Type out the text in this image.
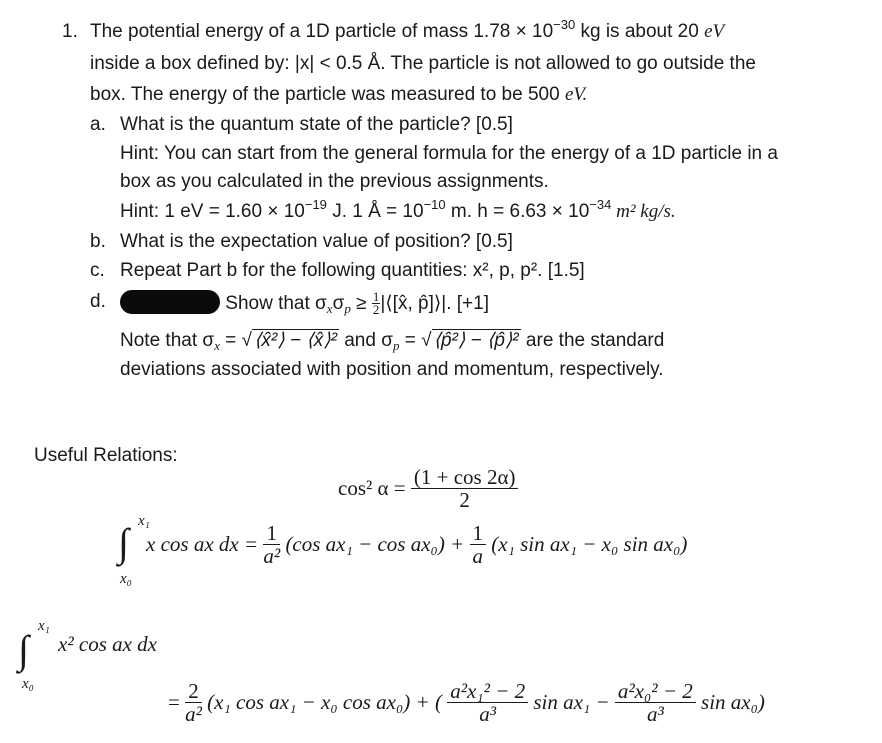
1. The potential energy of a 1D particle of mass $1.78 \times 10^{-30}$ kg is about 20 eV
inside a box defined by: |x| < 0.5 Å. The particle is not allowed to go outside the
box. The energy of the particle was measured to be 500 eV.
a. What is the quantum state of the particle? [0.5]
Hint: You can start from the general formula for the energy of a 1D particle in a
box as you calculated in the previous assignments.
Hint: 1 eV = $1.60 \times 10^{-19}$ J. 1 Å = $10^{-10}$ m. $h = 6.63 \times 10^{-34}$ m² kg/s.
b. What is the expectation value of position? [0.5]
c. Repeat Part b for the following quantities: x², p, p². [1.5]
d.	Show that $\sigma_x\sigma_p \ge \frac{1}{2}$ |⟨[x̂, p̂]⟩|. [+1]
Note that $\sigma_x$ = √ ⟨x̂²⟩ − ⟨x̂⟩² and $\sigma_p$ = √ ⟨p̂²⟩ − ⟨p̂⟩² are the standard
deviations associated with position and momentum, respectively.
Useful Relations:
cos² $\alpha = \frac{(1 + \cos 2\alpha)}{2}$
∫ x₁
x₀
x cos ax dx = $\frac{1}{\text{a²}} (\cos$ $ax_1 - \cos ax_0) + \frac{1}{a} (x_1$ sin ax₁ − x₀ sin ax₀)
∫
x₁
x₀
x² cos ax dx
= $\frac{2}{\text{a²}} (x_1$ cos ax₁ − x₀ cos ax₀) + ( $\frac{\text{a²x₁² − 2}}{\text{a³}}$ $\sin ax_1 - \frac{\text{a²x₀² − 2}}{\text{a³}}$ sin ax₀)
